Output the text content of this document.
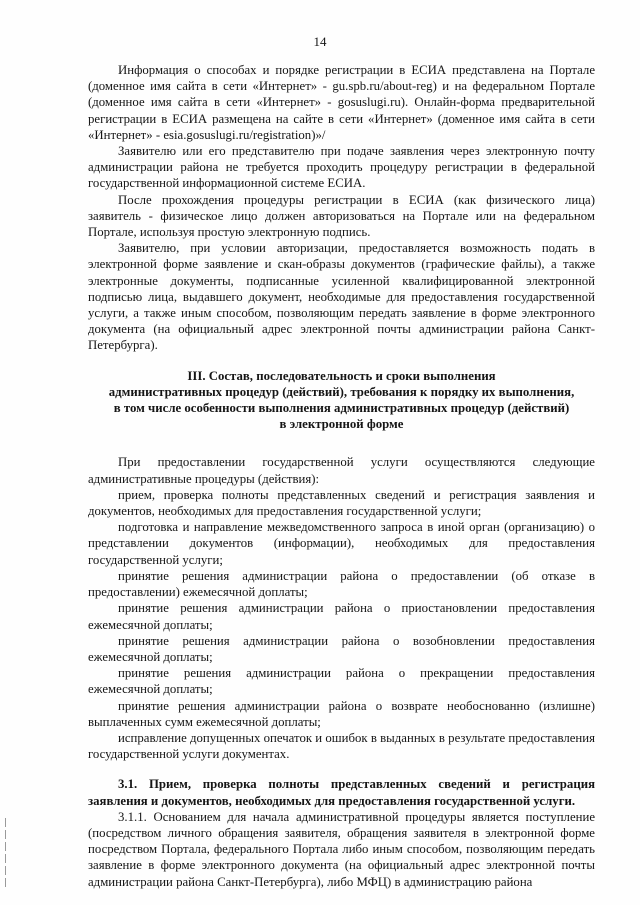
14

Информация о способах и порядке регистрации в ЕСИА представлена на Портале (доменное имя сайта в сети «Интернет» - gu.spb.ru/about-reg) и на федеральном Портале (доменное имя сайта в сети «Интернет» - gosuslugi.ru). Онлайн-форма предварительной регистрации в ЕСИА размещена на сайте в сети «Интернет» (доменное имя сайта в сети «Интернет» - esia.gosuslugi.ru/registration)»/

Заявителю или его представителю при подаче заявления через электронную почту администрации района не требуется проходить процедуру регистрации в федеральной государственной информационной системе ЕСИА.

После прохождения процедуры регистрации в ЕСИА (как физического лица) заявитель - физическое лицо должен авторизоваться на Портале или на федеральном Портале, используя простую электронную подпись.

Заявителю, при условии авторизации, предоставляется возможность подать в электронной форме заявление и скан-образы документов (графические файлы), а также электронные документы, подписанные усиленной квалифицированной электронной подписью лица, выдавшего документ, необходимые для предоставления государственной услуги, а также иным способом, позволяющим передать заявление в форме электронного документа (на официальный адрес электронной почты администрации района Санкт-Петербурга).

III. Состав, последовательность и сроки выполнения
административных процедур (действий), требования к порядку их выполнения,
в том числе особенности выполнения административных процедур (действий)
в электронной форме

При предоставлении государственной услуги осуществляются следующие административные процедуры (действия):

прием, проверка полноты представленных сведений и регистрация заявления и документов, необходимых для предоставления государственной услуги;

подготовка и направление межведомственного запроса в иной орган (организацию) о представлении документов (информации), необходимых для предоставления государственной услуги;

принятие решения администрации района о предоставлении (об отказе в предоставлении) ежемесячной доплаты;

принятие решения администрации района о приостановлении предоставления ежемесячной доплаты;

принятие решения администрации района о возобновлении предоставления ежемесячной доплаты;

принятие решения администрации района о прекращении предоставления ежемесячной доплаты;

принятие решения администрации района о возврате необоснованно (излишне) выплаченных сумм ежемесячной доплаты;

исправление допущенных опечаток и ошибок в выданных в результате предоставления государственной услуги документах.

3.1. Прием, проверка полноты представленных сведений и регистрация заявления и документов, необходимых для предоставления государственной услуги.

3.1.1. Основанием для начала административной процедуры является поступление (посредством личного обращения заявителя, обращения заявителя в электронной форме посредством Портала, федерального Портала либо иным способом, позволяющим передать заявление в форме электронного документа (на официальный адрес электронной почты администрации района Санкт-Петербурга), либо МФЦ) в администрацию района
